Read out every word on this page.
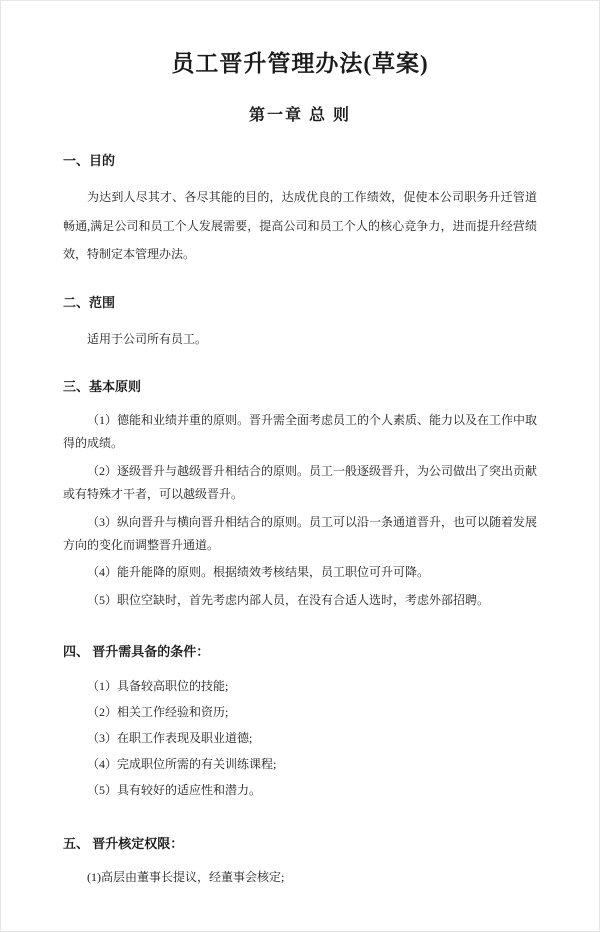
员工晋升管理办法(草案)
第一章 总 则
一、目的

为达到人尽其才、各尽其能的目的，达成优良的工作绩效，促使本公司职务升迁管道畅通,满足公司和员工个人发展需要，提高公司和员工个人的核心竞争力，进而提升经营绩效，特制定本管理办法。

二、范围

适用于公司所有员工。

三、基本原则

（1）德能和业绩并重的原则。晋升需全面考虑员工的个人素质、能力以及在工作中取得的成绩。

（2）逐级晋升与越级晋升相结合的原则。员工一般逐级晋升，为公司做出了突出贡献或有特殊才干者，可以越级晋升。

（3）纵向晋升与横向晋升相结合的原则。员工可以沿一条通道晋升，也可以随着发展方向的变化而调整晋升通道。

（4）能升能降的原则。根据绩效考核结果，员工职位可升可降。

（5）职位空缺时，首先考虑内部人员，在没有合适人选时，考虑外部招聘。

四、 晋升需具备的条件：

（1）具备较高职位的技能;

（2）相关工作经验和资历;

（3）在职工作表现及职业道德;

（4）完成职位所需的有关训练课程;

（5）具有较好的适应性和潜力。

五、 晋升核定权限：

(1)高层由董事长提议，经董事会核定;
